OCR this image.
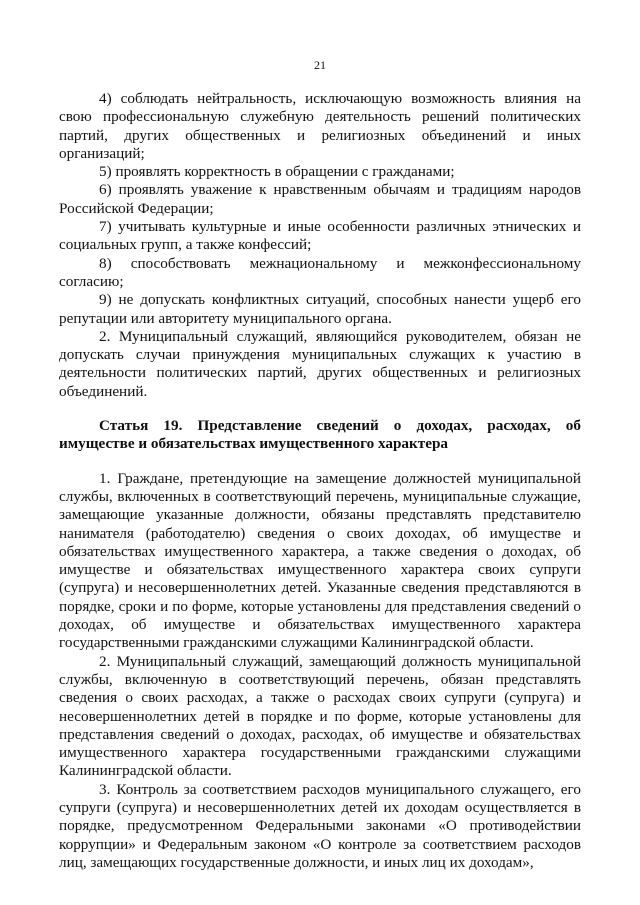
21

4) соблюдать нейтральность, исключающую возможность влияния на свою профессиональную служебную деятельность решений политических партий, других общественных и религиозных объединений и иных организаций;

5) проявлять корректность в обращении с гражданами;

6) проявлять уважение к нравственным обычаям и традициям народов Российской Федерации;

7) учитывать культурные и иные особенности различных этнических и социальных групп, а также конфессий;

8) способствовать межнациональному и межконфессиональному согласию;

9) не допускать конфликтных ситуаций, способных нанести ущерб его репутации или авторитету муниципального органа.

2. Муниципальный служащий, являющийся руководителем, обязан не допускать случаи принуждения муниципальных служащих к участию в деятельности политических партий, других общественных и религиозных объединений.

Статья 19. Представление сведений о доходах, расходах, об имуществе и обязательствах имущественного характера

1. Граждане, претендующие на замещение должностей муниципальной службы, включенных в соответствующий перечень, муниципальные служащие, замещающие указанные должности, обязаны представлять представителю нанимателя (работодателю) сведения о своих доходах, об имуществе и обязательствах имущественного характера, а также сведения о доходах, об имуществе и обязательствах имущественного характера своих супруги (супруга) и несовершеннолетних детей. Указанные сведения представляются в порядке, сроки и по форме, которые установлены для представления сведений о доходах, об имуществе и обязательствах имущественного характера государственными гражданскими служащими Калининградской области.

2. Муниципальный служащий, замещающий должность муниципальной службы, включенную в соответствующий перечень, обязан представлять сведения о своих расходах, а также о расходах своих супруги (супруга) и несовершеннолетних детей в порядке и по форме, которые установлены для представления сведений о доходах, расходах, об имуществе и обязательствах имущественного характера государственными гражданскими служащими Калининградской области.

3. Контроль за соответствием расходов муниципального служащего, его супруги (супруга) и несовершеннолетних детей их доходам осуществляется в порядке, предусмотренном Федеральными законами «О противодействии коррупции» и Федеральным законом «О контроле за соответствием расходов лиц, замещающих государственные должности, и иных лиц их доходам»,
